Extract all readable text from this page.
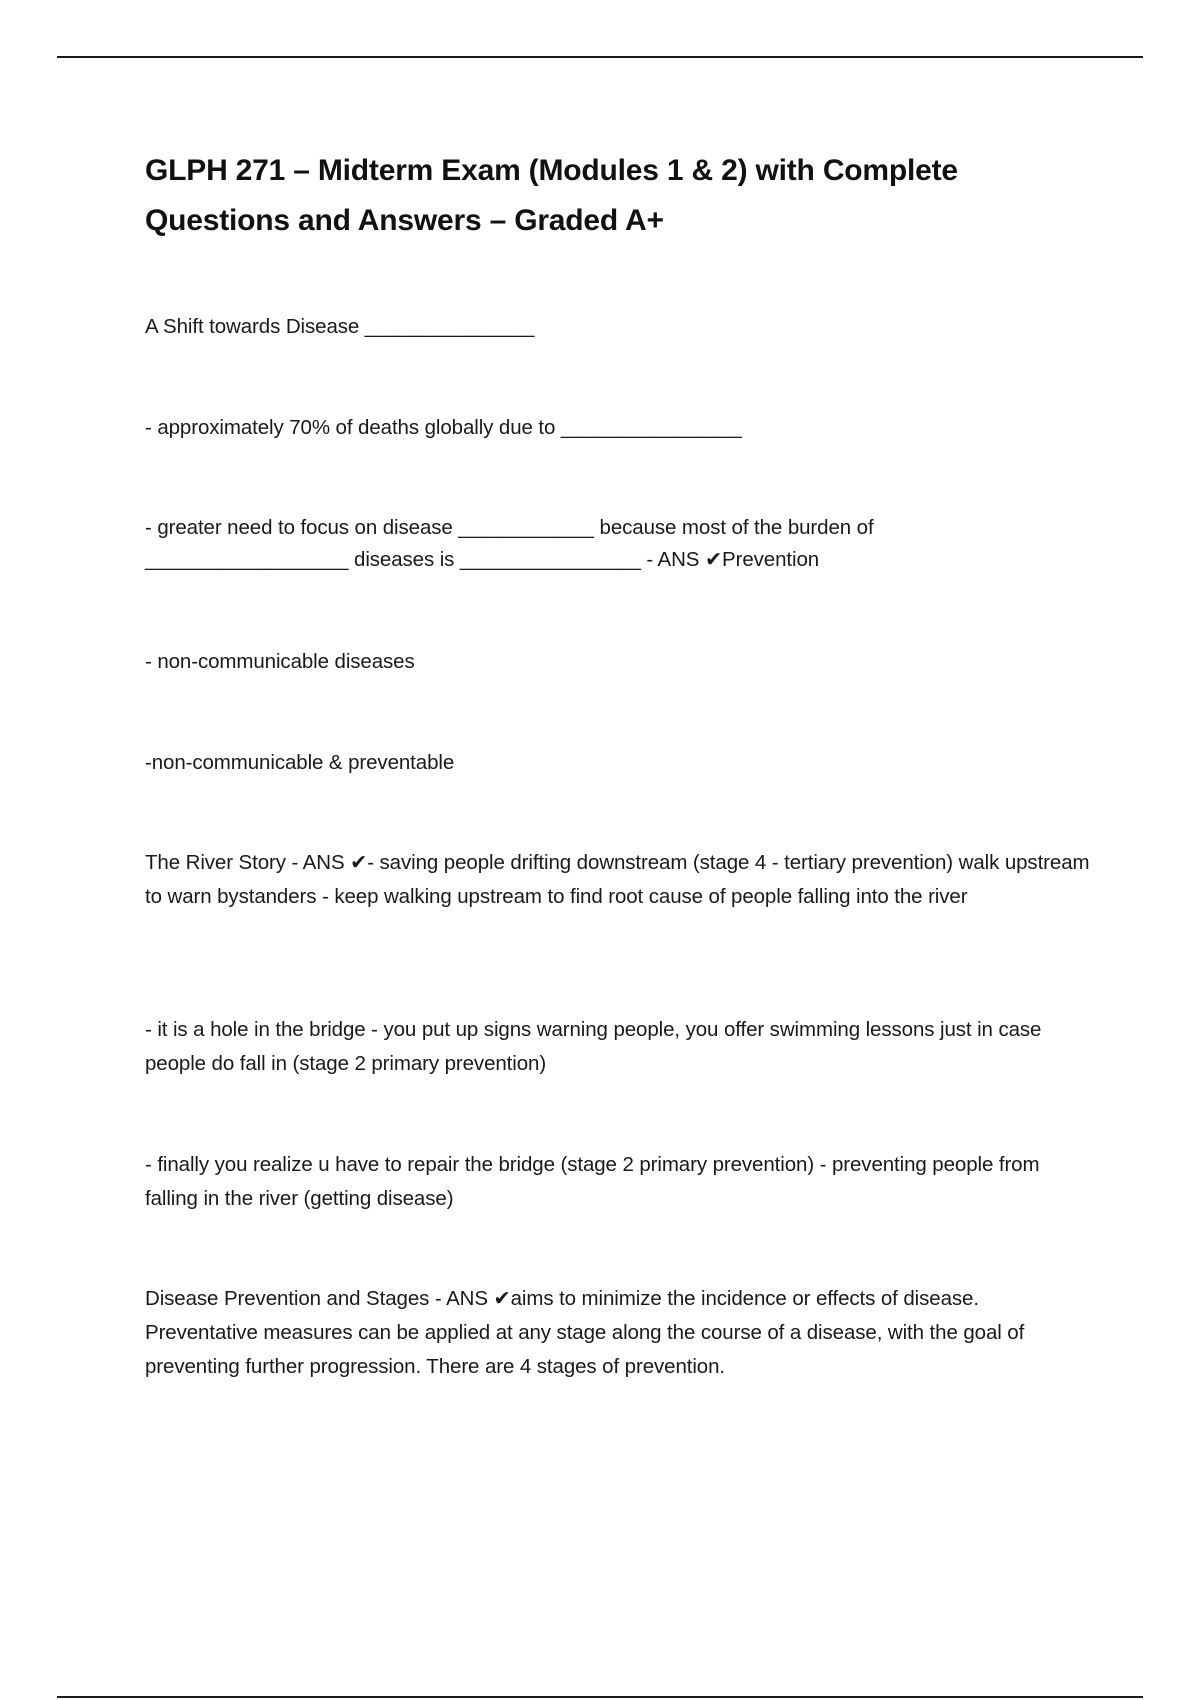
GLPH 271 – Midterm Exam (Modules 1 & 2) with Complete Questions and Answers – Graded A+

A Shift towards Disease _______________

- approximately 70% of deaths globally due to ________________

- greater need to focus on disease ____________ because most of the burden of __________________ diseases is ________________ - ANS ✔Prevention

- non-communicable diseases

-non-communicable & preventable

The River Story - ANS ✔- saving people drifting downstream (stage 4 - tertiary prevention) walk upstream to warn bystanders - keep walking upstream to find root cause of people falling into the river

- it is a hole in the bridge - you put up signs warning people, you offer swimming lessons just in case people do fall in (stage 2 primary prevention)

- finally you realize u have to repair the bridge (stage 2 primary prevention) - preventing people from falling in the river (getting disease)

Disease Prevention and Stages - ANS ✔aims to minimize the incidence or effects of disease. Preventative measures can be applied at any stage along the course of a disease, with the goal of preventing further progression. There are 4 stages of prevention.
